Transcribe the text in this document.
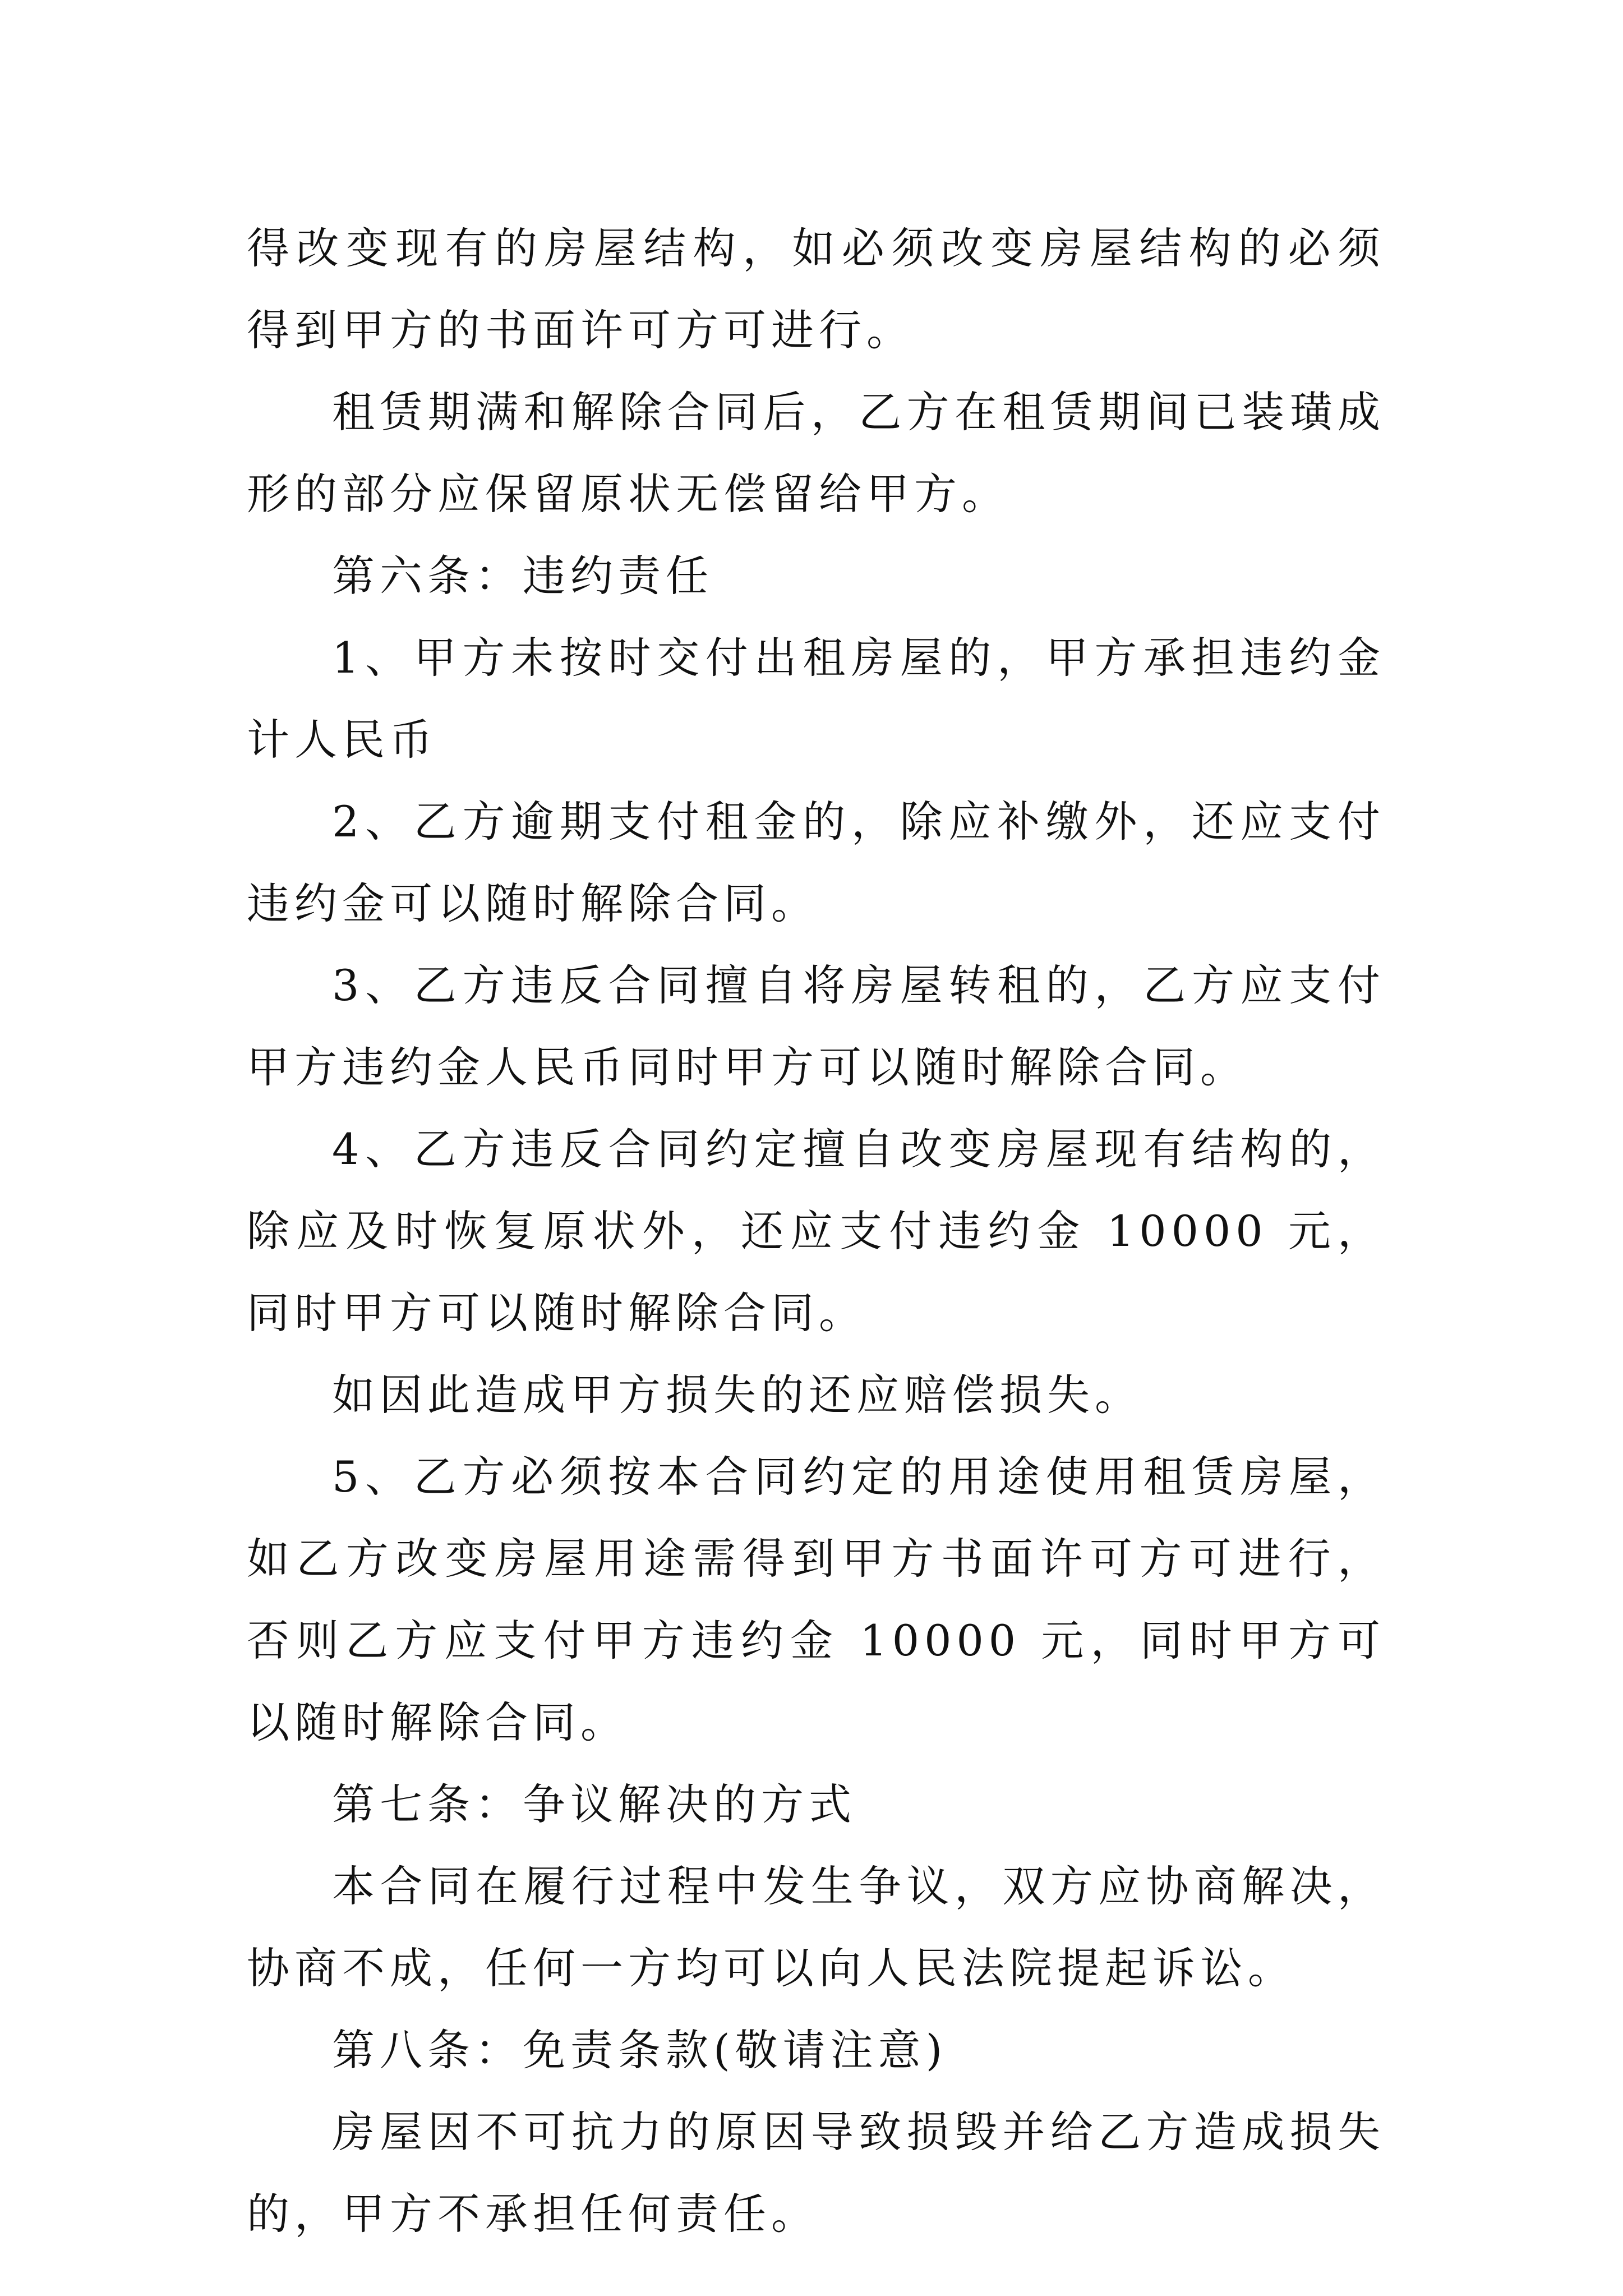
得改变现有的房屋结构，如必须改变房屋结构的必须得到甲方的书面许可方可进行。

租赁期满和解除合同后，乙方在租赁期间已装璜成形的部分应保留原状无偿留给甲方。

第六条：违约责任

1、甲方未按时交付出租房屋的，甲方承担违约金计人民币

2、乙方逾期支付租金的，除应补缴外，还应支付违约金可以随时解除合同。

3、乙方违反合同擅自将房屋转租的，乙方应支付甲方违约金人民币同时甲方可以随时解除合同。

4、乙方违反合同约定擅自改变房屋现有结构的，除应及时恢复原状外，还应支付违约金 10000 元，同时甲方可以随时解除合同。

如因此造成甲方损失的还应赔偿损失。

5、乙方必须按本合同约定的用途使用租赁房屋，如乙方改变房屋用途需得到甲方书面许可方可进行，否则乙方应支付甲方违约金 10000 元，同时甲方可以随时解除合同。

第七条：争议解决的方式

本合同在履行过程中发生争议，双方应协商解决，协商不成，任何一方均可以向人民法院提起诉讼。

第八条：免责条款(敬请注意)

房屋因不可抗力的原因导致损毁并给乙方造成损失的，甲方不承担任何责任。
